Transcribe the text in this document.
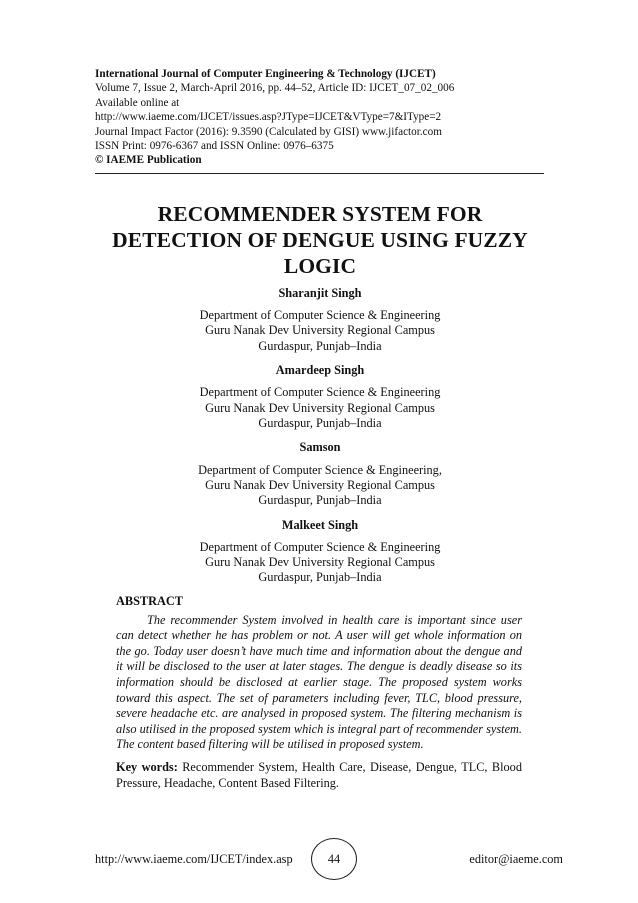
International Journal of Computer Engineering & Technology (IJCET)
Volume 7, Issue 2, March-April 2016, pp. 44–52, Article ID: IJCET_07_02_006
Available online at
http://www.iaeme.com/IJCET/issues.asp?JType=IJCET&VType=7&IType=2
Journal Impact Factor (2016): 9.3590 (Calculated by GISI) www.jifactor.com
ISSN Print: 0976-6367 and ISSN Online: 0976–6375
© IAEME Publication
RECOMMENDER SYSTEM FOR
DETECTION OF DENGUE USING FUZZY
LOGIC
Sharanjit Singh
Department of Computer Science & Engineering
Guru Nanak Dev University Regional Campus
Gurdaspur, Punjab–India
Amardeep Singh
Department of Computer Science & Engineering
Guru Nanak Dev University Regional Campus
Gurdaspur, Punjab–India
Samson
Department of Computer Science & Engineering,
Guru Nanak Dev University Regional Campus
Gurdaspur, Punjab–India
Malkeet Singh
Department of Computer Science & Engineering
Guru Nanak Dev University Regional Campus
Gurdaspur, Punjab–India
ABSTRACT
The recommender System involved in health care is important since user can detect whether he has problem or not. A user will get whole information on the go. Today user doesn’t have much time and information about the dengue and it will be disclosed to the user at later stages. The dengue is deadly disease so its information should be disclosed at earlier stage. The proposed system works toward this aspect. The set of parameters including fever, TLC, blood pressure, severe headache etc. are analysed in proposed system. The filtering mechanism is also utilised in the proposed system which is integral part of recommender system. The content based filtering will be utilised in proposed system.
Key words: Recommender System, Health Care, Disease, Dengue, TLC, Blood Pressure, Headache, Content Based Filtering.
http://www.iaeme.com/IJCET/index.asp	44	editor@iaeme.com
